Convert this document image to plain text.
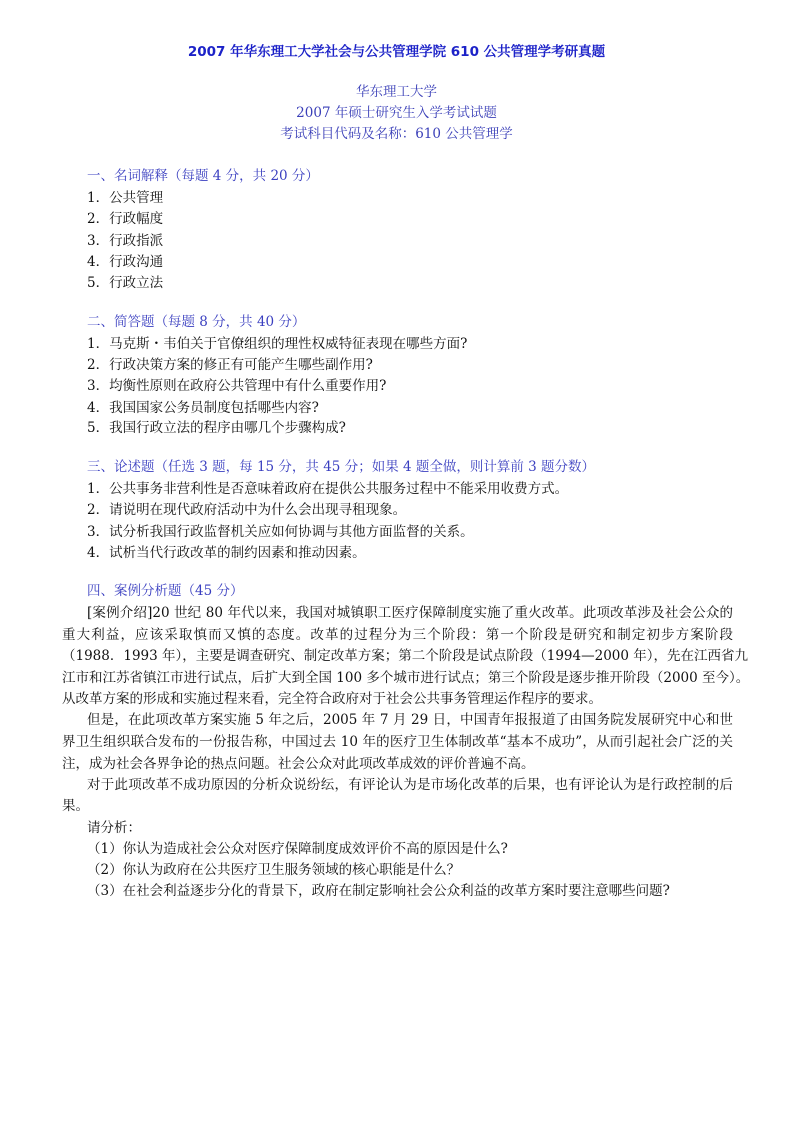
2007 年华东理工大学社会与公共管理学院 610 公共管理学考研真题
华东理工大学
2007 年硕士研究生入学考试试题
考试科目代码及名称：610 公共管理学
一、名词解释（每题 4 分，共 20 分）
1．公共管理
2．行政幅度
3．行政指派
4．行政沟通
5．行政立法
二、简答题（每题 8 分，共 40 分）
1．马克斯・韦伯关于官僚组织的理性权威特征表现在哪些方面?
2．行政决策方案的修正有可能产生哪些副作用?
3．均衡性原则在政府公共管理中有什么重要作用?
4．我国国家公务员制度包括哪些内容?
5．我国行政立法的程序由哪几个步骤构成?
三、论述题（任选 3 题，每 15 分，共 45 分；如果 4 题全做，则计算前 3 题分数）
1．公共事务非营利性是否意味着政府在提供公共服务过程中不能采用收费方式。
2．请说明在现代政府活动中为什么会出现寻租现象。
3．试分析我国行政监督机关应如何协调与其他方面监督的关系。
4．试析当代行政改革的制约因素和推动因素。
四、案例分析题（45 分）
[案例介绍]20 世纪 80 年代以来，我国对城镇职工医疗保障制度实施了重火改革。此项改革涉及社会公众的
重大利益，应该采取慎而又慎的态度。改革的过程分为三个阶段：第一个阶段是研究和制定初步方案阶段
（1988．1993 年），主要是调查研究、制定改革方案；第二个阶段是试点阶段（1994—2000 年），先在江西省九
江市和江苏省镇江市进行试点，后扩大到全国 100 多个城市进行试点；第三个阶段是逐步推开阶段（2000 至今）。
从改革方案的形成和实施过程来看，完全符合政府对于社会公共事务管理运作程序的要求。
但是，在此项改革方案实施 5 年之后，2005 年 7 月 29 日，中国青年报报道了由国务院发展研究中心和世
界卫生组织联合发布的一份报告称，中国过去 10 年的医疗卫生体制改革“基本不成功”，从而引起社会广泛的关
注，成为社会各界争论的热点问题。社会公众对此项改革成效的评价普遍不高。
对于此项改革不成功原因的分析众说纷纭，有评论认为是市场化改革的后果，也有评论认为是行政控制的后
果。
请分析：
（1）你认为造成社会公众对医疗保障制度成效评价不高的原因是什么?
（2）你认为政府在公共医疗卫生服务领域的核心职能是什么？
（3）在社会利益逐步分化的背景下，政府在制定影响社会公众利益的改革方案时要注意哪些问题?
